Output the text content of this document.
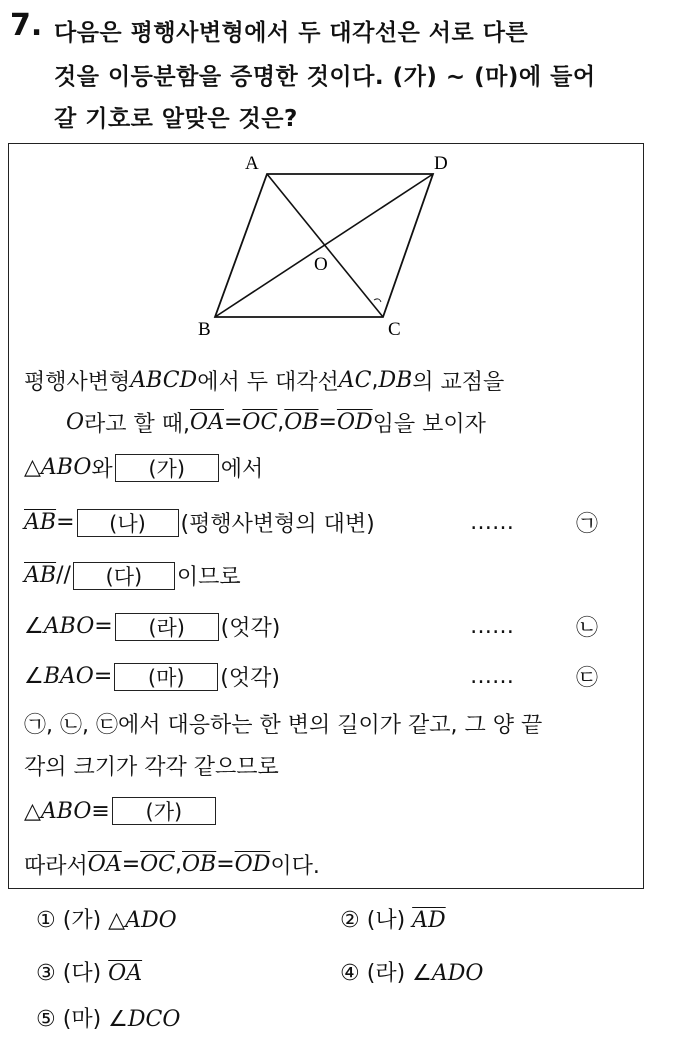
7. 다음은 평행사변형에서 두 대각선은 서로 다른
것을 이등분함을 증명한 것이다. (가) ~ (마)에 들어
갈 기호로 알맞은 것은?
A	D
B	C
O
평행사변형 ABCD 에서 두 대각선 AC , DB 의 교점을
O 라고 할 때, $\overline{OA} = \overline{OC}$ , $\overline{OB} = \overline{OD}$ 임을 보이자
△ ABO 와	(가)	에서
$\overline{AB}$ =	(나)	(평행사변형의 대변)	……	㉠
$\overline{AB}$ //	(다)	이므로
∠ ABO =	(라)	(엇각)	……	㉡
∠ BAO =	(마)	(엇각)	……	㉢
㉠, ㉡, ㉢에서 대응하는 한 변의 길이가 같고, 그 양 끝
각의 크기가 각각 같으므로
△ ABO ≡	(가)
따라서 $\overline{OA} = \overline{OC}$ , $\overline{OB} = \overline{OD}$ 이다.
① (가) △ADO	② (나) $\overline{AD}$
③ (다) $\overline{OA}$	④ (라) ∠ADO
⑤ (마) ∠DCO
